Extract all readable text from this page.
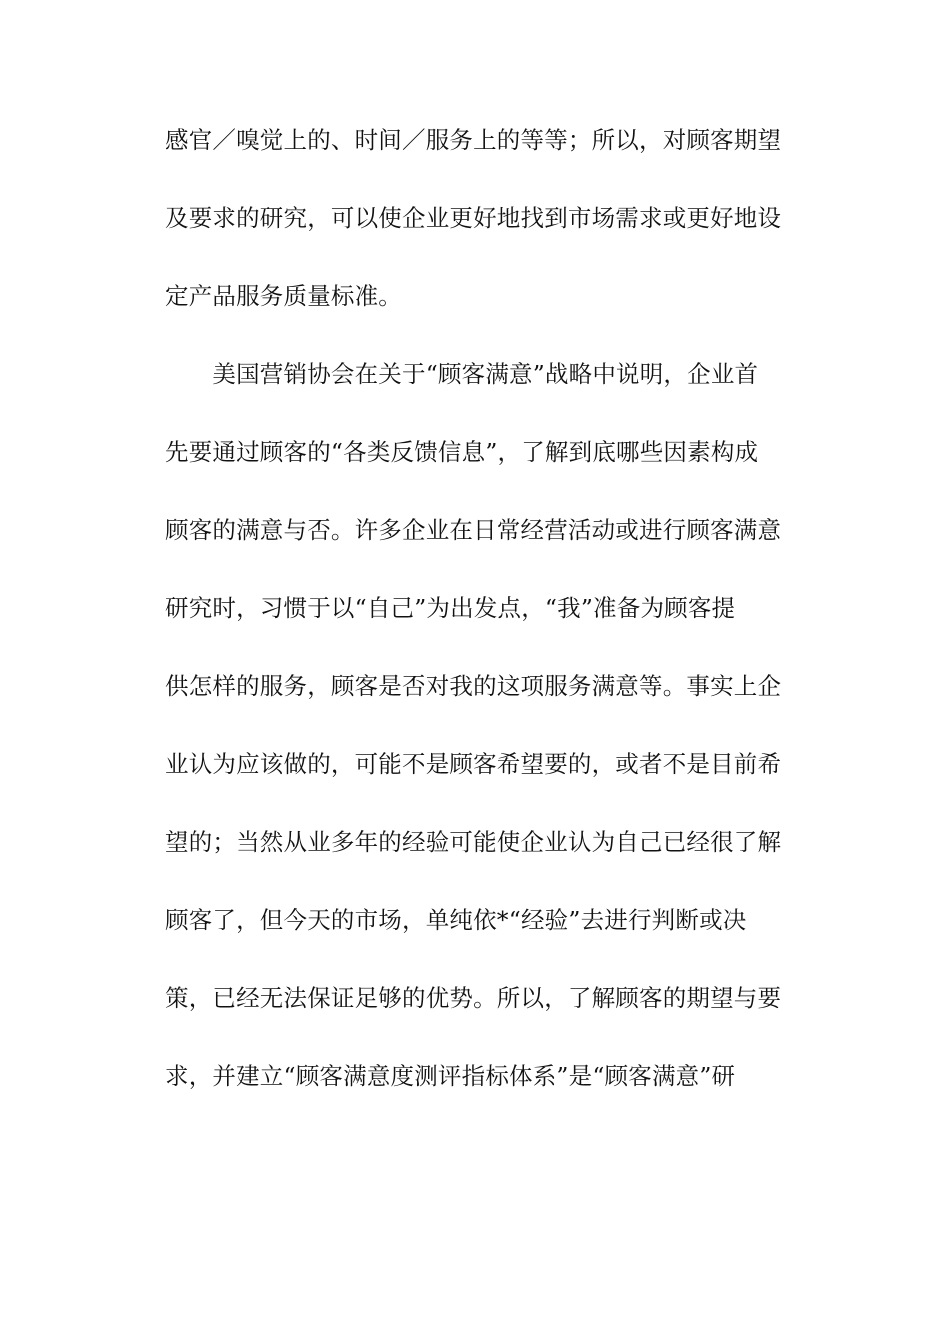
感官／嗅觉上的、时间／服务上的等等；所以，对顾客期望
及要求的研究，可以使企业更好地找到市场需求或更好地设
定产品服务质量标准。
　　美国营销协会在关于“顾客满意”战略中说明，企业首
先要通过顾客的“各类反馈信息”，了解到底哪些因素构成
顾客的满意与否。许多企业在日常经营活动或进行顾客满意
研究时，习惯于以“自己”为出发点，“我”准备为顾客提
供怎样的服务，顾客是否对我的这项服务满意等。事实上企
业认为应该做的，可能不是顾客希望要的，或者不是目前希
望的；当然从业多年的经验可能使企业认为自己已经很了解
顾客了，但今天的市场，单纯依*“经验”去进行判断或决
策，已经无法保证足够的优势。所以，了解顾客的期望与要
求，并建立“顾客满意度测评指标体系”是“顾客满意”研
